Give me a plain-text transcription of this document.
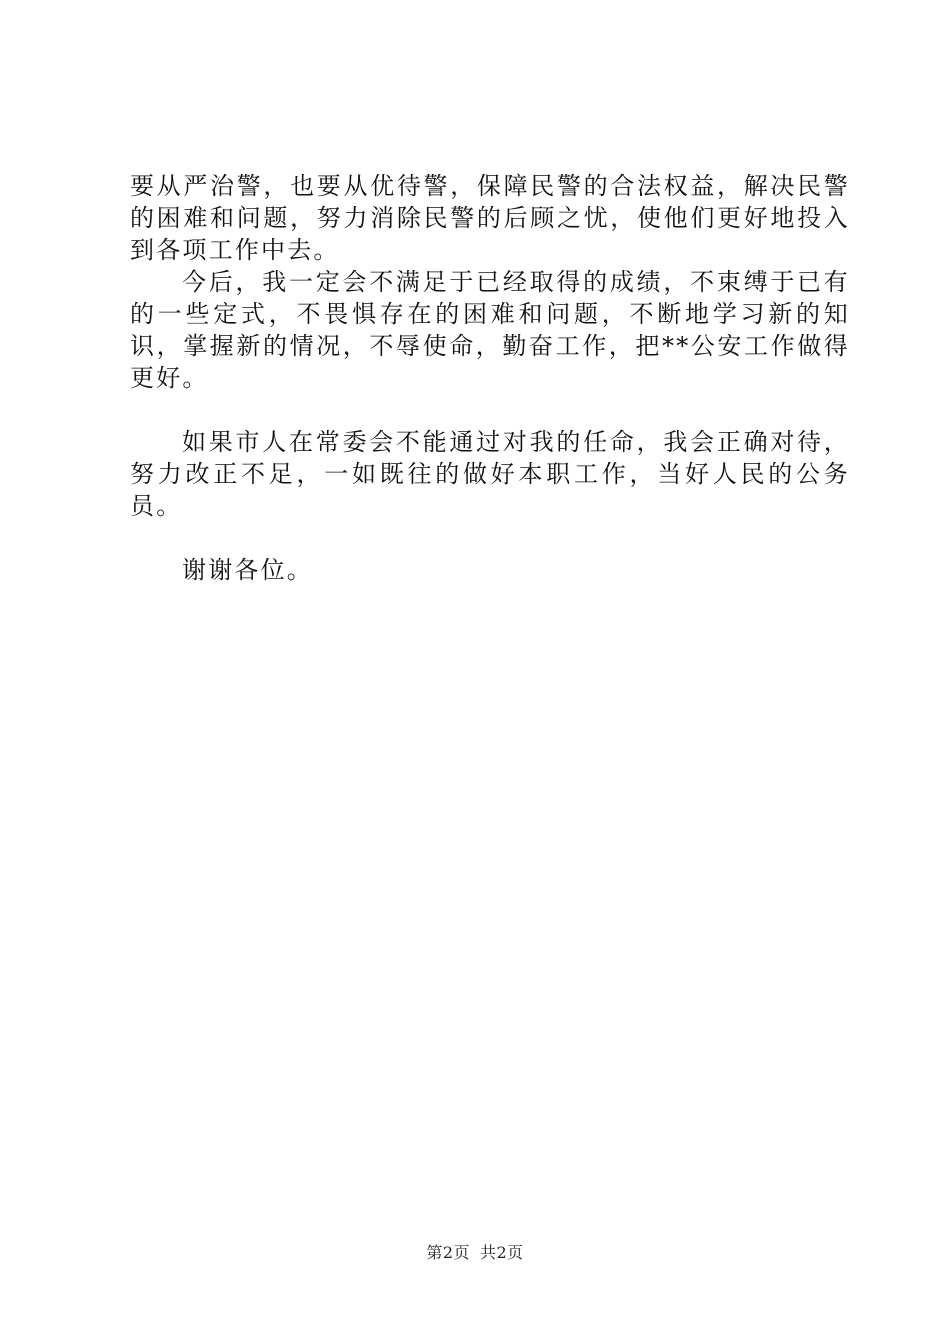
要从严治警，也要从优待警，保障民警的合法权益，解决民警的困难和问题，努力消除民警的后顾之忧，使他们更好地投入到各项工作中去。

今后，我一定会不满足于已经取得的成绩，不束缚于已有的一些定式，不畏惧存在的困难和问题，不断地学习新的知识，掌握新的情况，不辱使命，勤奋工作，把**公安工作做得更好。

如果市人在常委会不能通过对我的任命，我会正确对待，努力改正不足，一如既往的做好本职工作，当好人民的公务员。

谢谢各位。

第2页 共2页
